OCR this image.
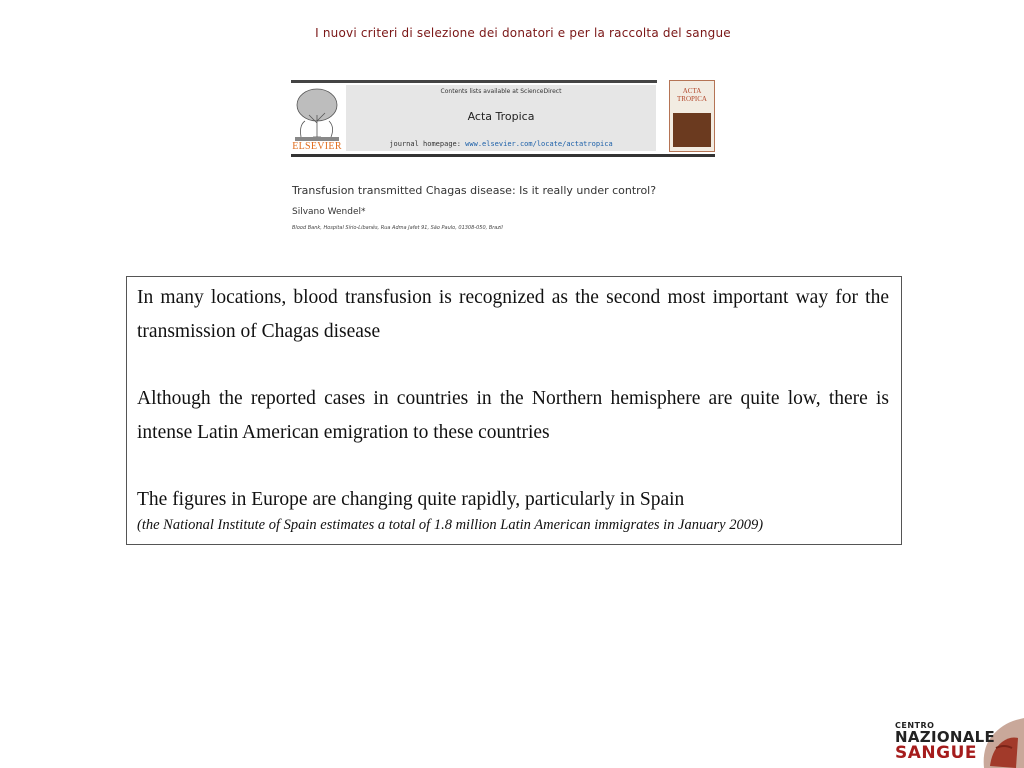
I nuovi criteri di selezione dei donatori e per la raccolta del sangue
ELSEVIER
Contents lists available at ScienceDirect
Acta Tropica
journal homepage: www.elsevier.com/locate/actatropica
ACTA TROPICA
Transfusion transmitted Chagas disease: Is it really under control?
Silvano Wendel*
Blood Bank, Hospital Sírio-Libanês, Rua Adma Jafet 91, São Paulo, 01308-050, Brazil
In many locations, blood transfusion is recognized as the second most important way for the transmission of Chagas disease
Although the reported cases in countries in the Northern hemisphere are quite low, there is intense Latin American emigration to these countries
The figures in Europe are changing quite rapidly, particularly in Spain
(the National Institute of Spain estimates a total of 1.8 million Latin American immigrates in January 2009)
CENTRO
NAZIONALE
SANGUE
